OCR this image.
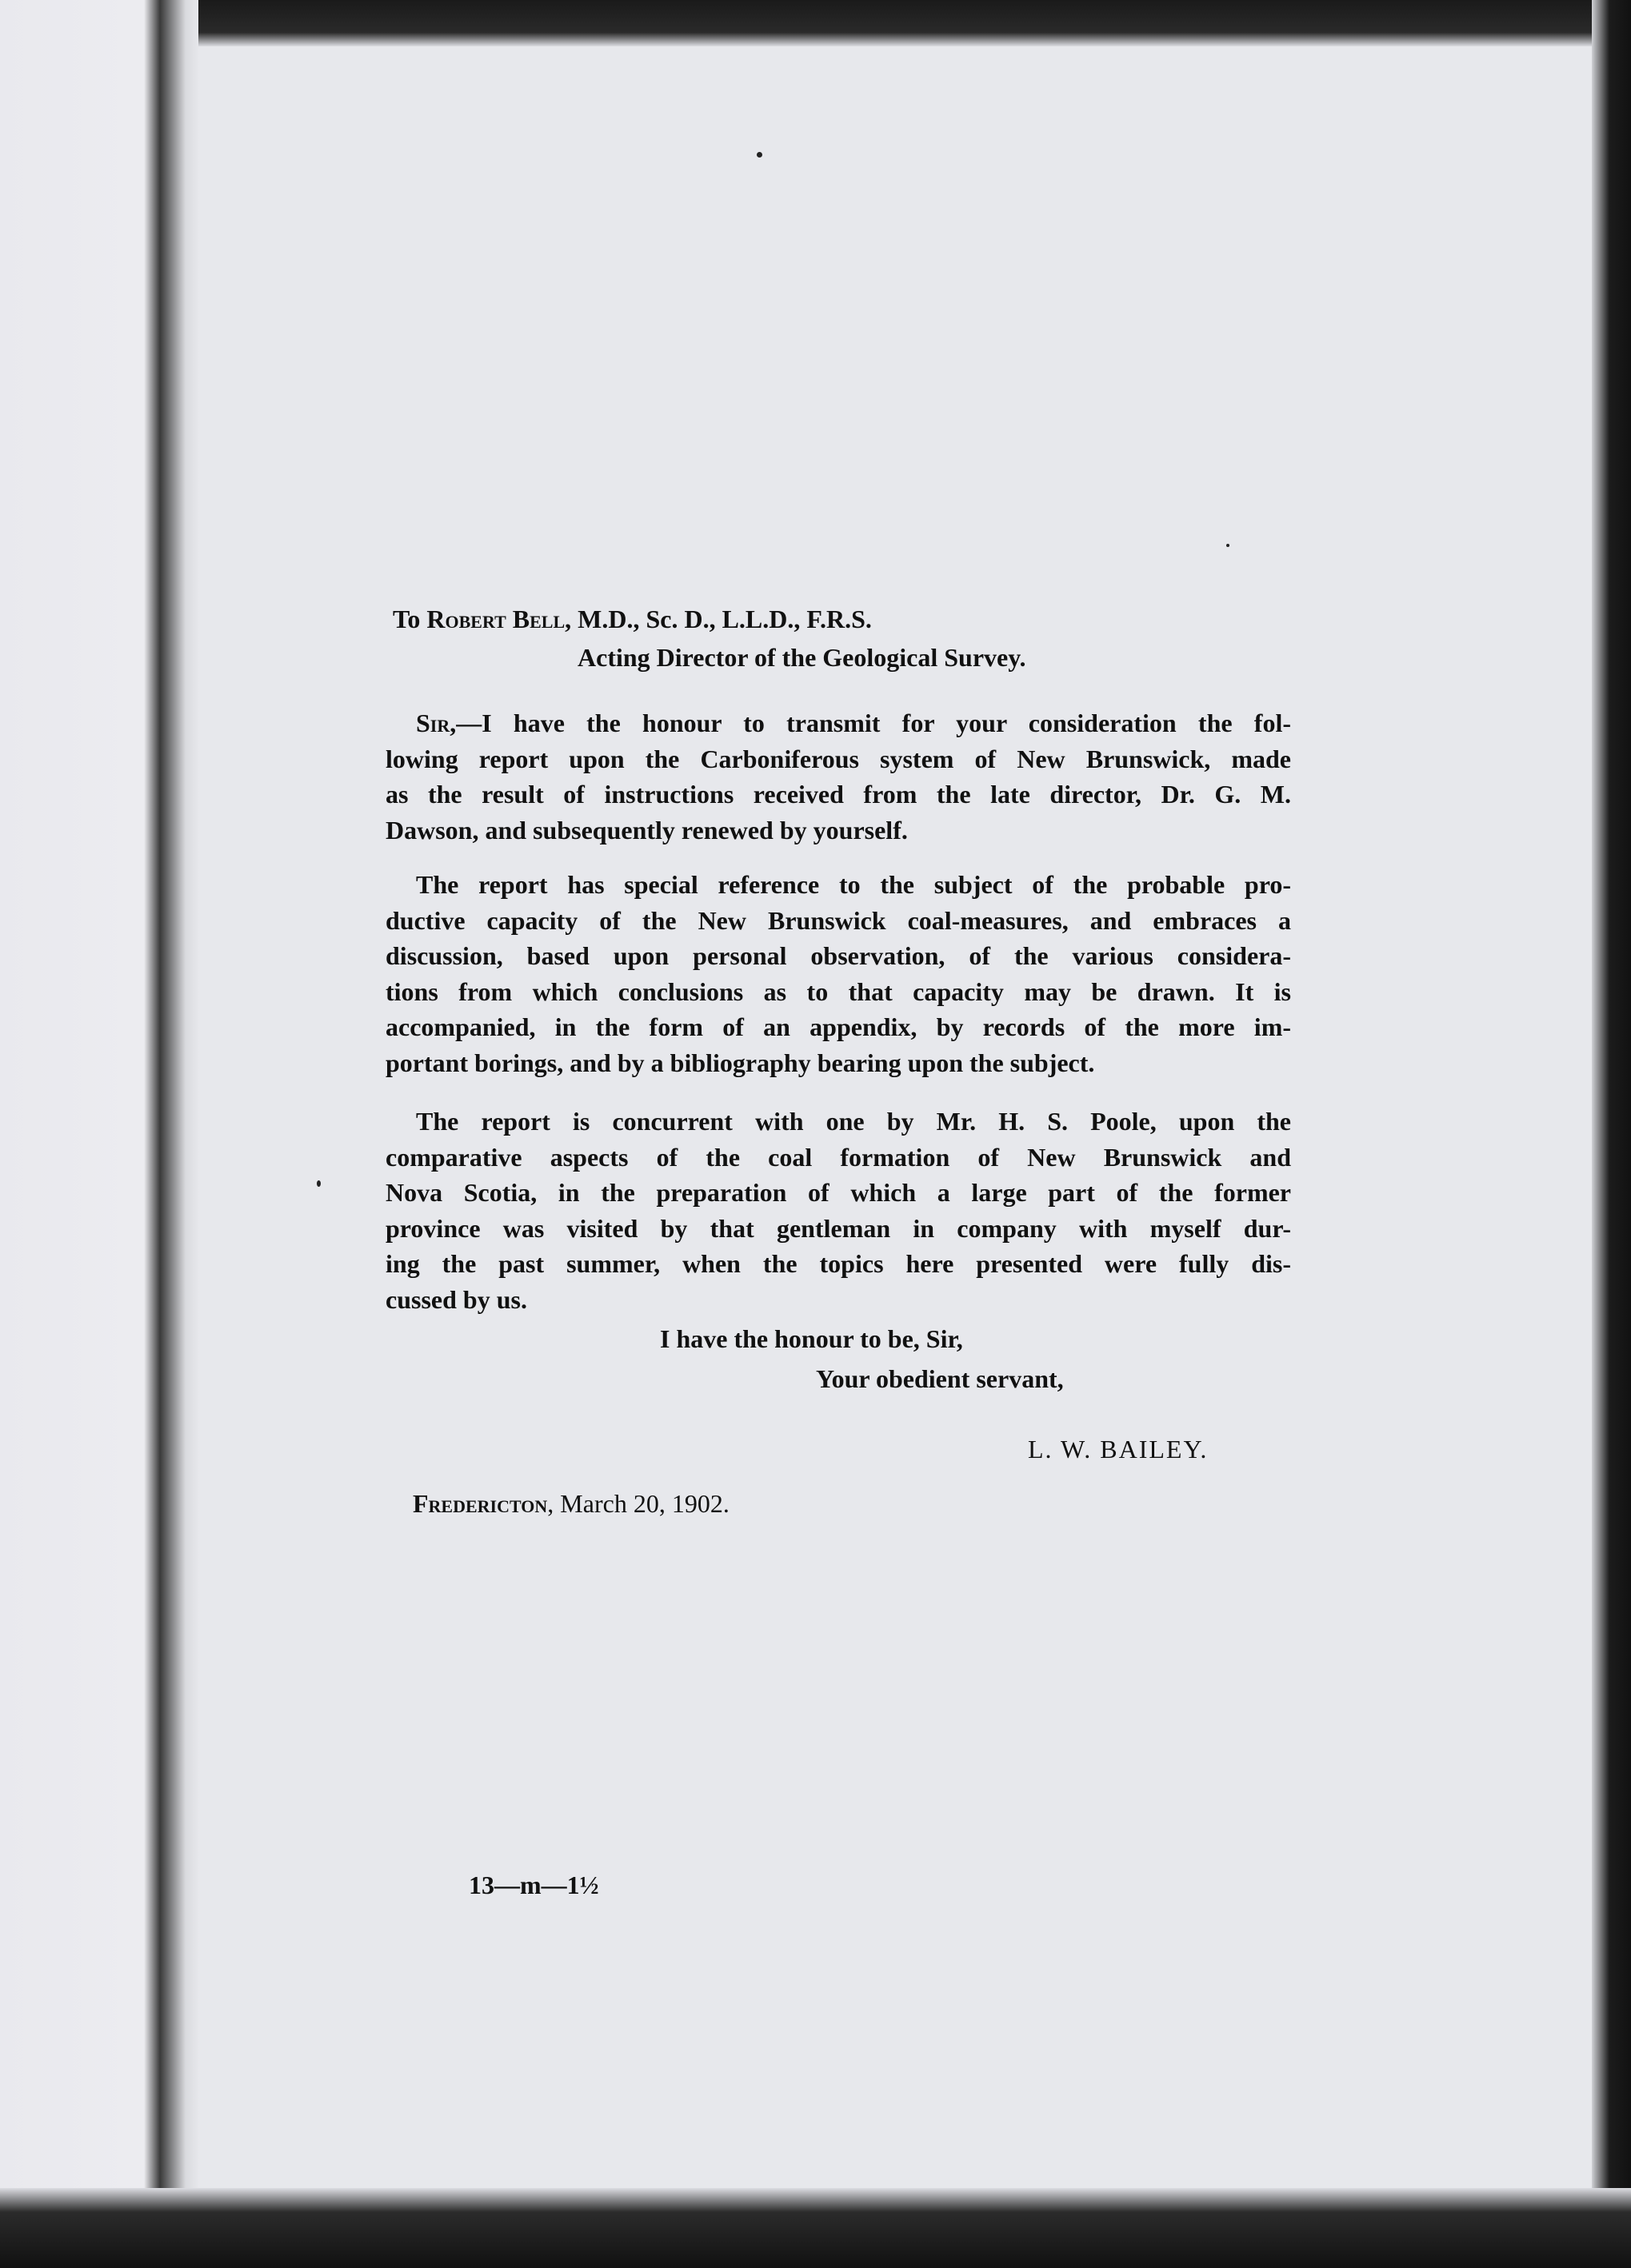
To Robert Bell, M.D., Sc. D., L.L.D., F.R.S.
Acting Director of the Geological Survey.
Sir,—I have the honour to transmit for your consideration the fol-
lowing report upon the Carboniferous system of New Brunswick, made
as the result of instructions received from the late director, Dr. G. M.
Dawson, and subsequently renewed by yourself.
The report has special reference to the subject of the probable pro-
ductive capacity of the New Brunswick coal-measures, and embraces a
discussion, based upon personal observation, of the various considera-
tions from which conclusions as to that capacity may be drawn. It is
accompanied, in the form of an appendix, by records of the more im-
portant borings, and by a bibliography bearing upon the subject.
The report is concurrent with one by Mr. H. S. Poole, upon the
comparative aspects of the coal formation of New Brunswick and
Nova Scotia, in the preparation of which a large part of the former
province was visited by that gentleman in company with myself dur-
ing the past summer, when the topics here presented were fully dis-
cussed by us.
I have the honour to be, Sir,
Your obedient servant,
L. W. BAILEY.
Fredericton, March 20, 1902.
13—m—1½
